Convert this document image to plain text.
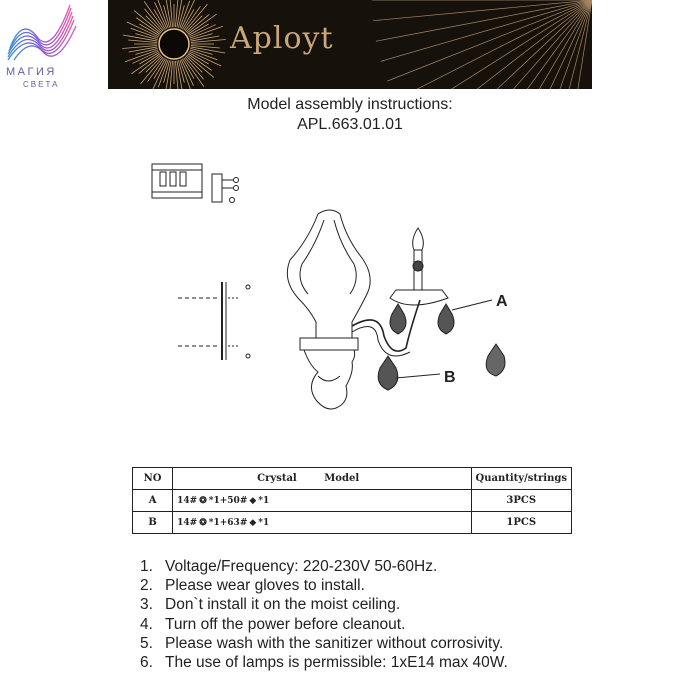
МАГИЯ
СВЕТА
Aployt
Model assembly instructions:
APL.663.01.01
A
B
NO	Crystal Model	Quantity/strings
A	14# ❂ *1+50# ◆ *1	3PCS
B	14# ❂ *1+63# ◆ *1	1PCS
1. Voltage/Frequency: 220-230V 50-60Hz.
2. Please wear gloves to install.
3. Don`t install it on the moist ceiling.
4. Turn off the power before cleanout.
5. Please wash with the sanitizer without corrosivity.
6. The use of lamps is permissible: 1xE14 max 40W.
